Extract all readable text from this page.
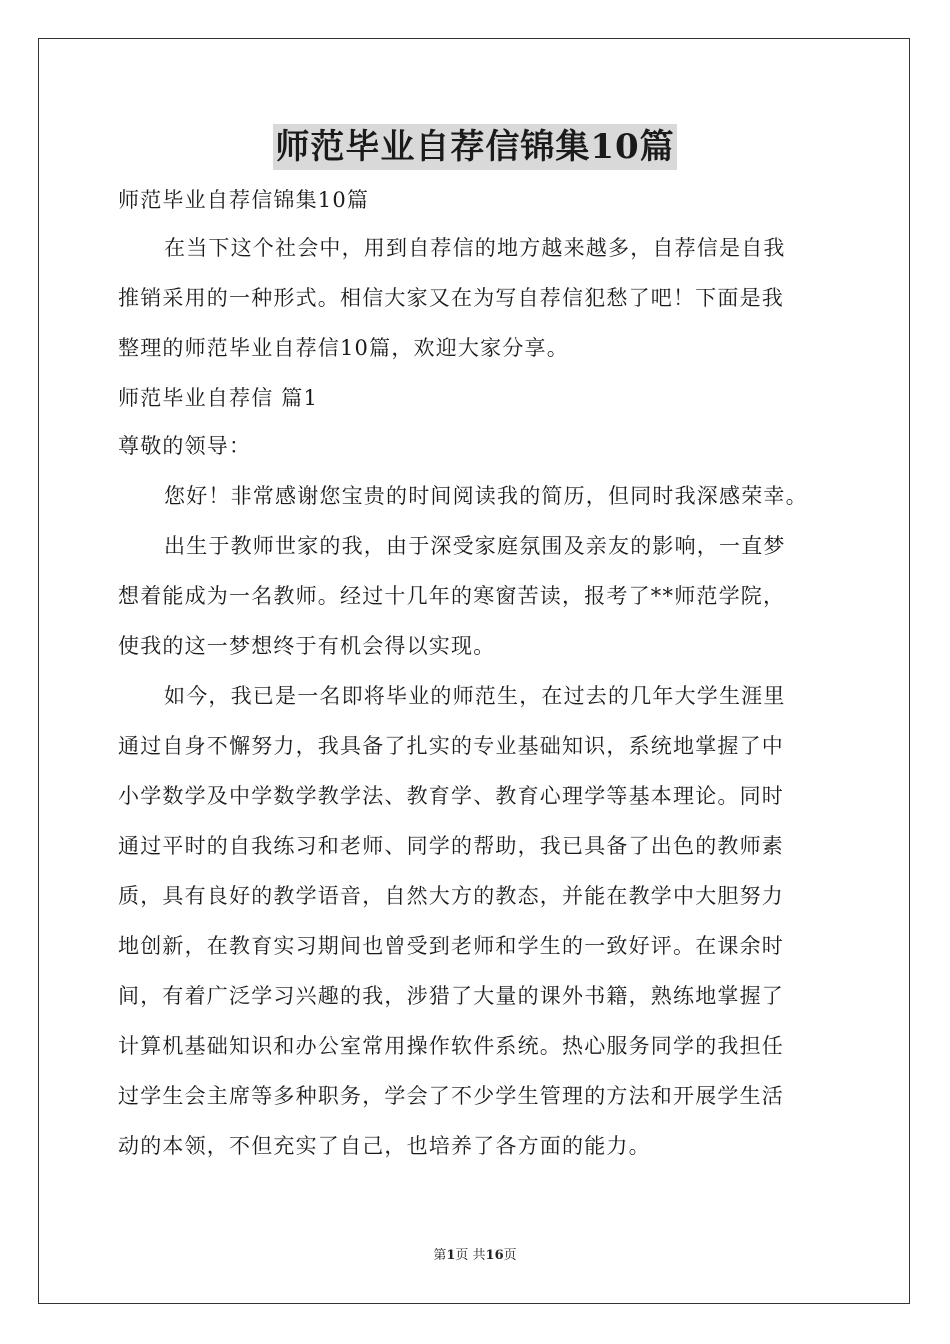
师范毕业自荐信锦集10篇
师范毕业自荐信锦集10篇
在当下这个社会中，用到自荐信的地方越来越多，自荐信是自我
推销采用的一种形式。相信大家又在为写自荐信犯愁了吧！下面是我
整理的师范毕业自荐信10篇，欢迎大家分享。
师范毕业自荐信 篇1
尊敬的领导：
您好！非常感谢您宝贵的时间阅读我的简历，但同时我深感荣幸。
出生于教师世家的我，由于深受家庭氛围及亲友的影响，一直梦
想着能成为一名教师。经过十几年的寒窗苦读，报考了**师范学院，
使我的这一梦想终于有机会得以实现。
如今，我已是一名即将毕业的师范生，在过去的几年大学生涯里
通过自身不懈努力，我具备了扎实的专业基础知识，系统地掌握了中
小学数学及中学数学教学法、教育学、教育心理学等基本理论。同时
通过平时的自我练习和老师、同学的帮助，我已具备了出色的教师素
质，具有良好的教学语音，自然大方的教态，并能在教学中大胆努力
地创新，在教育实习期间也曾受到老师和学生的一致好评。在课余时
间，有着广泛学习兴趣的我，涉猎了大量的课外书籍，熟练地掌握了
计算机基础知识和办公室常用操作软件系统。热心服务同学的我担任
过学生会主席等多种职务，学会了不少学生管理的方法和开展学生活
动的本领，不但充实了自己，也培养了各方面的能力。
第1页 共16页
